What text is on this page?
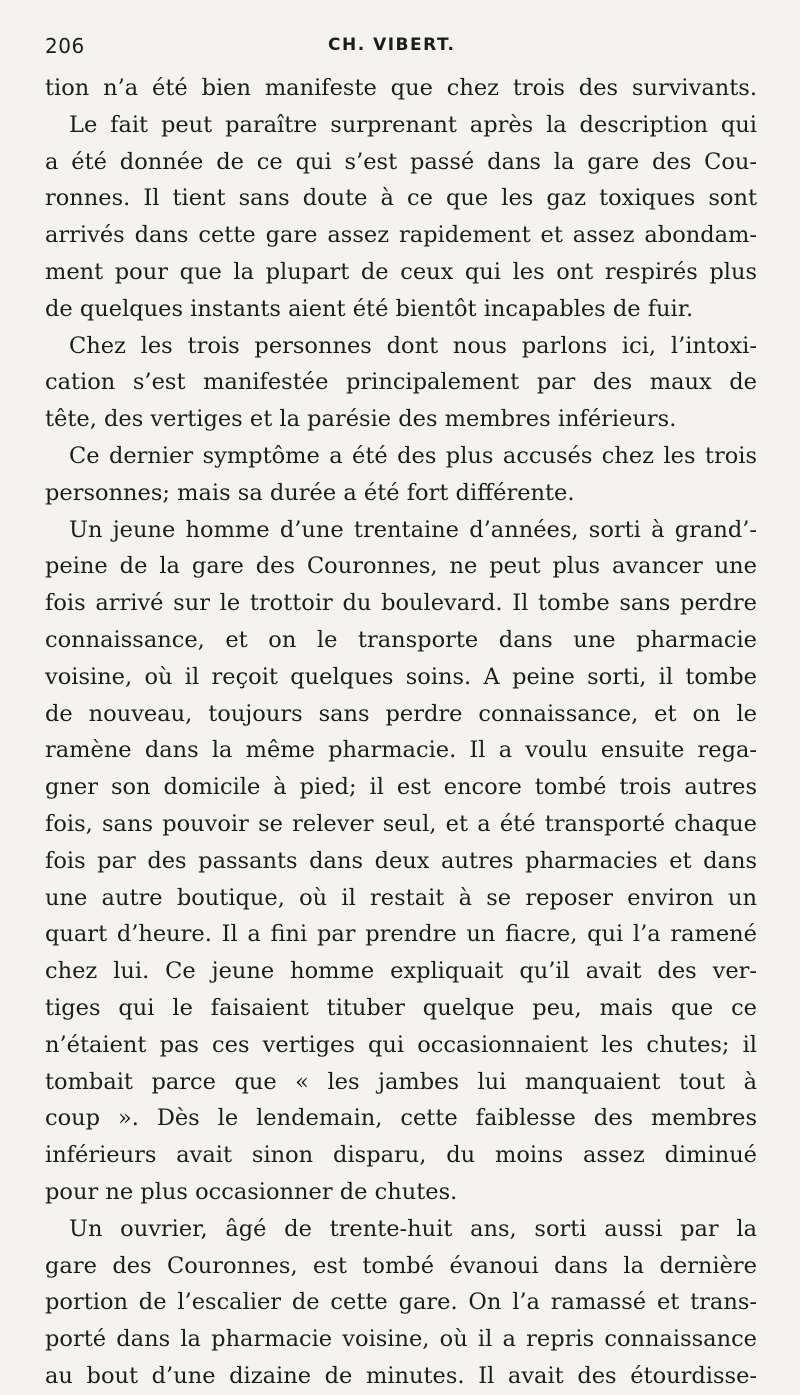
206	CH. VIBERT.
tion n’a été bien manifeste que chez trois des survivants.
Le fait peut paraître surprenant après la description qui
a été donnée de ce qui s’est passé dans la gare des Cou-
ronnes. Il tient sans doute à ce que les gaz toxiques sont
arrivés dans cette gare assez rapidement et assez abondam-
ment pour que la plupart de ceux qui les ont respirés plus
de quelques instants aient été bientôt incapables de fuir.
Chez les trois personnes dont nous parlons ici, l’intoxi-
cation s’est manifestée principalement par des maux de
tête, des vertiges et la parésie des membres inférieurs.
Ce dernier symptôme a été des plus accusés chez les trois
personnes; mais sa durée a été fort différente.
Un jeune homme d’une trentaine d’années, sorti à grand’-
peine de la gare des Couronnes, ne peut plus avancer une
fois arrivé sur le trottoir du boulevard. Il tombe sans perdre
connaissance, et on le transporte dans une pharmacie
voisine, où il reçoit quelques soins. A peine sorti, il tombe
de nouveau, toujours sans perdre connaissance, et on le
ramène dans la même pharmacie. Il a voulu ensuite rega-
gner son domicile à pied; il est encore tombé trois autres
fois, sans pouvoir se relever seul, et a été transporté chaque
fois par des passants dans deux autres pharmacies et dans
une autre boutique, où il restait à se reposer environ un
quart d’heure. Il a fini par prendre un fiacre, qui l’a ramené
chez lui. Ce jeune homme expliquait qu’il avait des ver-
tiges qui le faisaient tituber quelque peu, mais que ce
n’étaient pas ces vertiges qui occasionnaient les chutes; il
tombait parce que « les jambes lui manquaient tout à
coup ». Dès le lendemain, cette faiblesse des membres
inférieurs avait sinon disparu, du moins assez diminué
pour ne plus occasionner de chutes.
Un ouvrier, âgé de trente-huit ans, sorti aussi par la
gare des Couronnes, est tombé évanoui dans la dernière
portion de l’escalier de cette gare. On l’a ramassé et trans-
porté dans la pharmacie voisine, où il a repris connaissance
au bout d’une dizaine de minutes. Il avait des étourdisse-
